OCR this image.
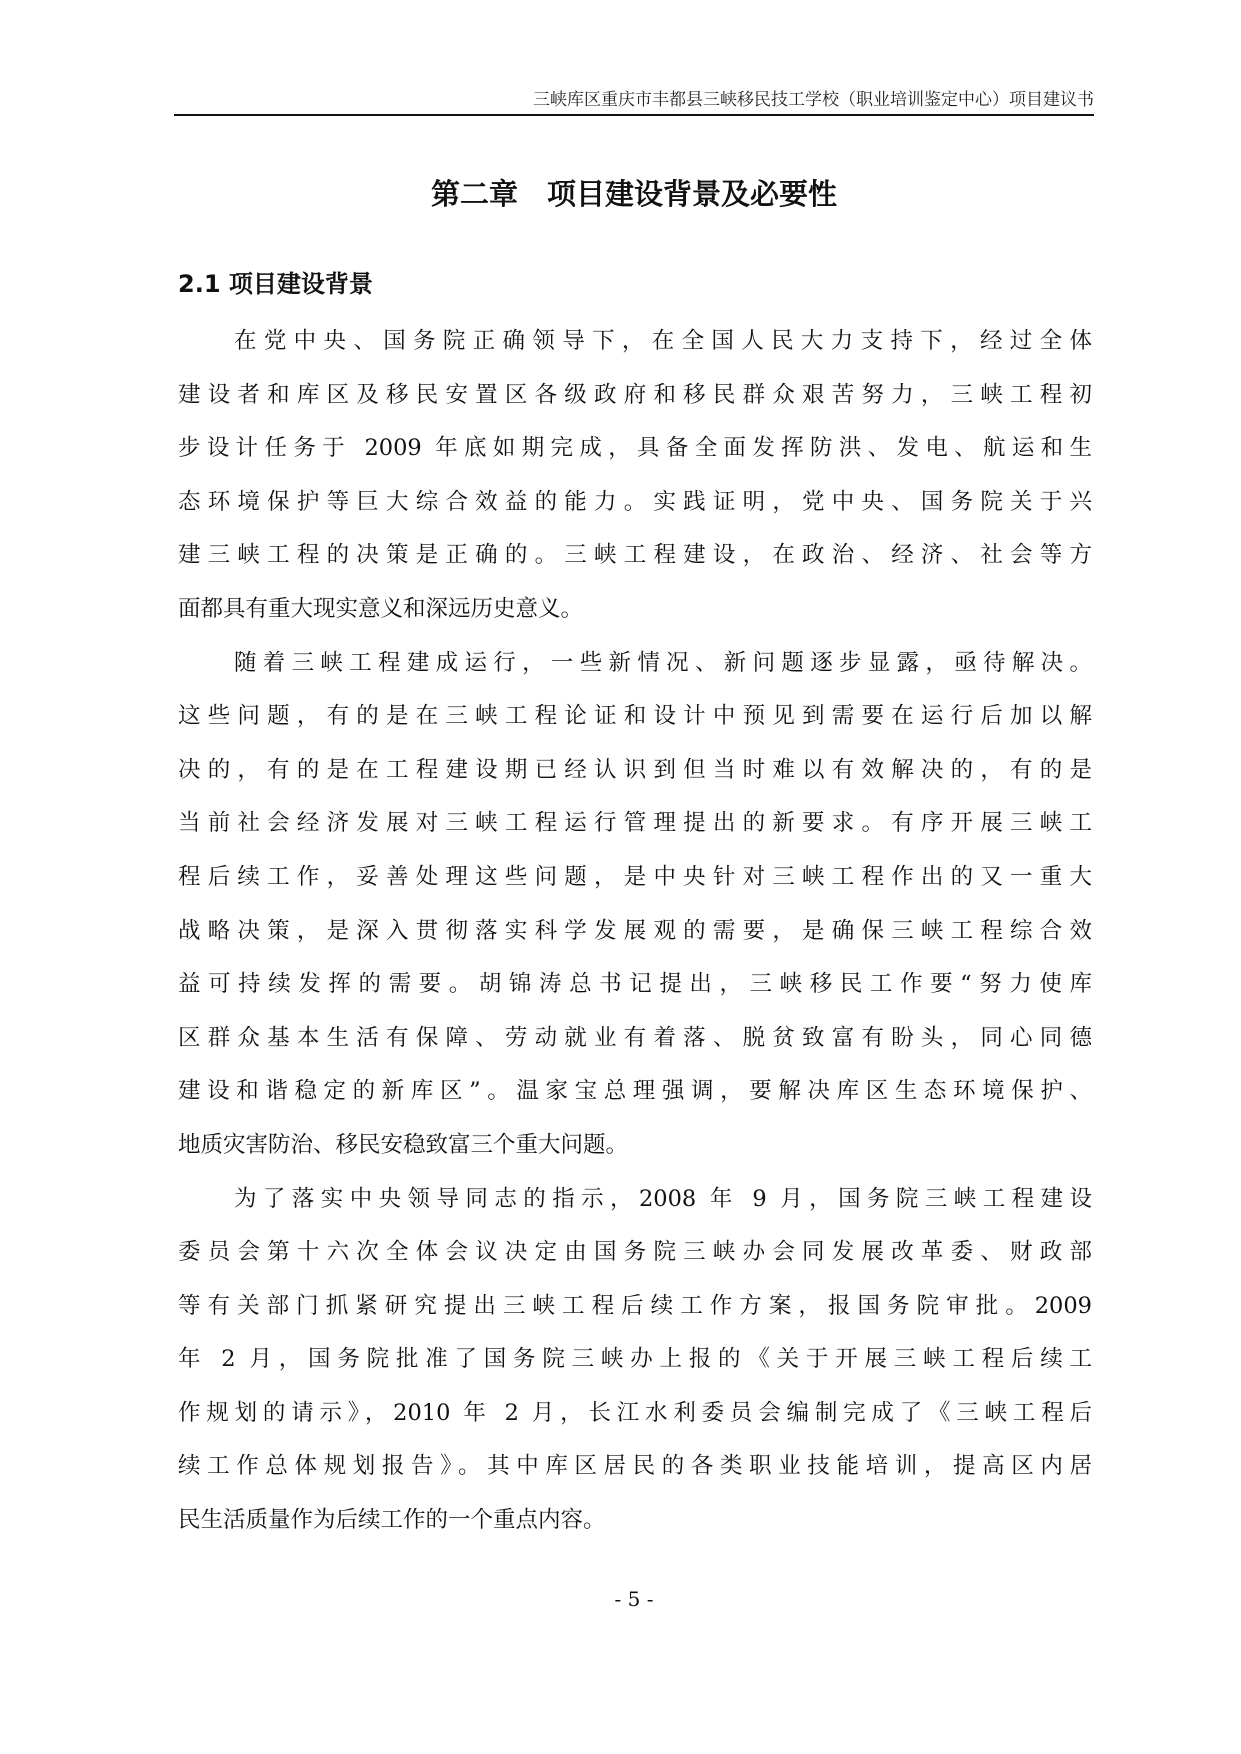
三峡库区重庆市丰都县三峡移民技工学校（职业培训鉴定中心）项目建议书
第二章　项目建设背景及必要性
2.1 项目建设背景
在党中央、国务院正确领导下，在全国人民大力支持下，经过全体
建设者和库区及移民安置区各级政府和移民群众艰苦努力，三峡工程初
步设计任务于 2009 年底如期完成，具备全面发挥防洪、发电、航运和生
态环境保护等巨大综合效益的能力。实践证明，党中央、国务院关于兴
建三峡工程的决策是正确的。三峡工程建设，在政治、经济、社会等方
面都具有重大现实意义和深远历史意义。
随着三峡工程建成运行，一些新情况、新问题逐步显露，亟待解决。
这些问题，有的是在三峡工程论证和设计中预见到需要在运行后加以解
决的，有的是在工程建设期已经认识到但当时难以有效解决的，有的是
当前社会经济发展对三峡工程运行管理提出的新要求。有序开展三峡工
程后续工作，妥善处理这些问题，是中央针对三峡工程作出的又一重大
战略决策，是深入贯彻落实科学发展观的需要，是确保三峡工程综合效
益可持续发挥的需要。胡锦涛总书记提出，三峡移民工作要“努力使库
区群众基本生活有保障、劳动就业有着落、脱贫致富有盼头，同心同德
建设和谐稳定的新库区”。温家宝总理强调，要解决库区生态环境保护、
地质灾害防治、移民安稳致富三个重大问题。
为了落实中央领导同志的指示，2008 年 9 月，国务院三峡工程建设
委员会第十六次全体会议决定由国务院三峡办会同发展改革委、财政部
等有关部门抓紧研究提出三峡工程后续工作方案，报国务院审批。2009
年 2 月，国务院批准了国务院三峡办上报的《关于开展三峡工程后续工
作规划的请示》，2010 年 2 月，长江水利委员会编制完成了《三峡工程后
续工作总体规划报告》。其中库区居民的各类职业技能培训，提高区内居
民生活质量作为后续工作的一个重点内容。
- 5 -
